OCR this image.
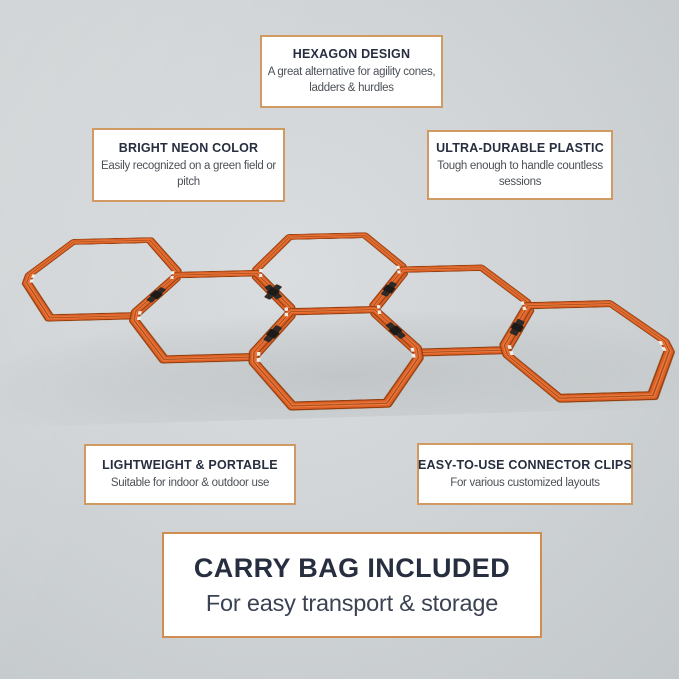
HEXAGON DESIGN
A great alternative for agility cones, ladders & hurdles
BRIGHT NEON COLOR
Easily recognized on a green field or pitch
ULTRA-DURABLE PLASTIC
Tough enough to handle countless sessions
LIGHTWEIGHT & PORTABLE
Suitable for indoor & outdoor use
EASY-TO-USE CONNECTOR CLIPS
For various customized layouts
CARRY BAG INCLUDED
For easy transport & storage
